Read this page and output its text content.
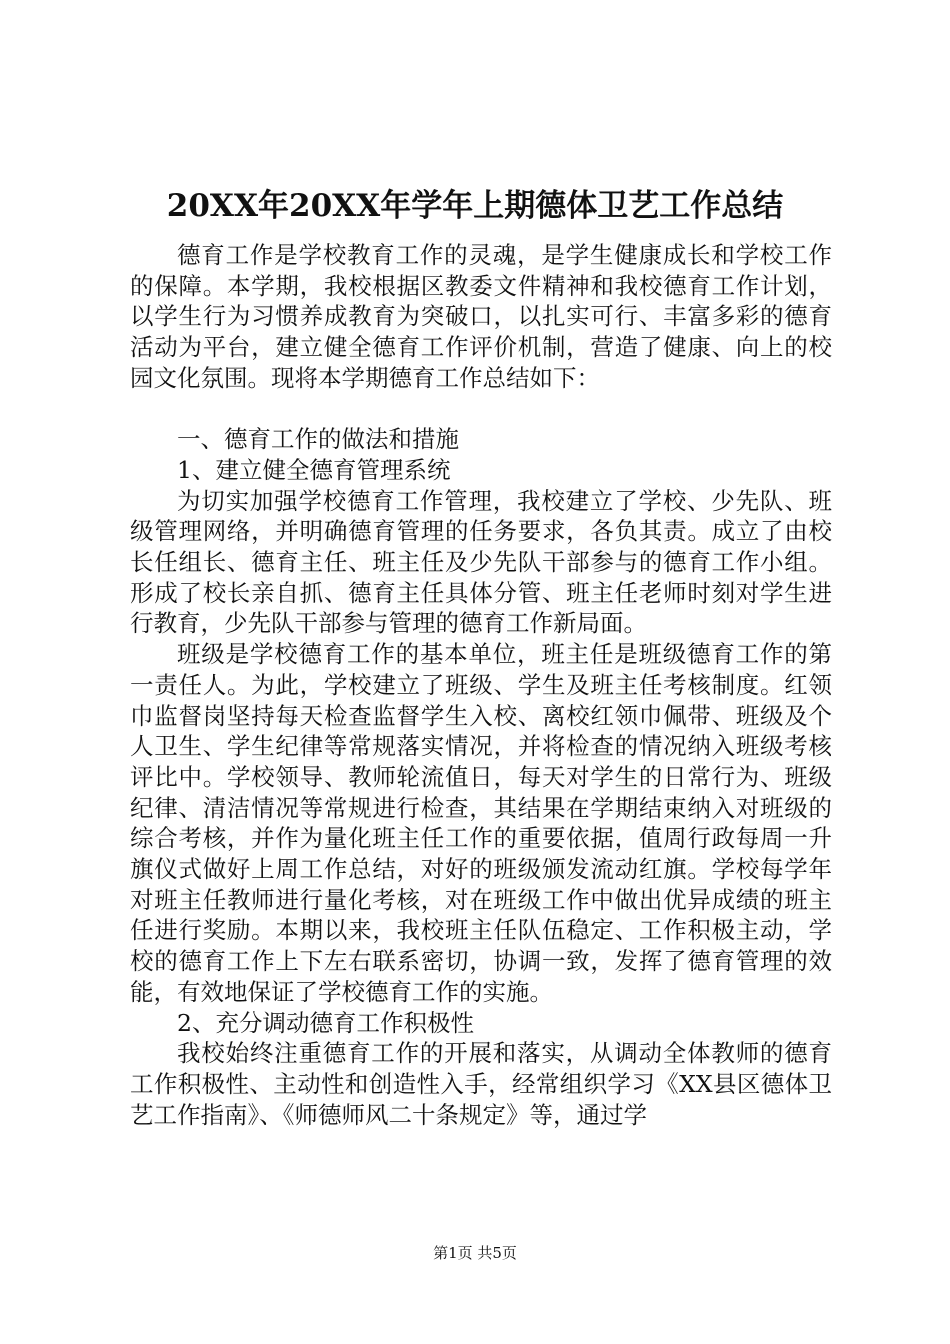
20XX年20XX年学年上期德体卫艺工作总结

德育工作是学校教育工作的灵魂，是学生健康成长和学校工作的保障。本学期，我校根据区教委文件精神和我校德育工作计划，以学生行为习惯养成教育为突破口，以扎实可行、丰富多彩的德育活动为平台，建立健全德育工作评价机制，营造了健康、向上的校园文化氛围。现将本学期德育工作总结如下：

一、德育工作的做法和措施

1、建立健全德育管理系统

为切实加强学校德育工作管理，我校建立了学校、少先队、班级管理网络，并明确德育管理的任务要求，各负其责。成立了由校长任组长、德育主任、班主任及少先队干部参与的德育工作小组。形成了校长亲自抓、德育主任具体分管、班主任老师时刻对学生进行教育，少先队干部参与管理的德育工作新局面。

班级是学校德育工作的基本单位，班主任是班级德育工作的第一责任人。为此，学校建立了班级、学生及班主任考核制度。红领巾监督岗坚持每天检查监督学生入校、离校红领巾佩带、班级及个人卫生、学生纪律等常规落实情况，并将检查的情况纳入班级考核评比中。学校领导、教师轮流值日，每天对学生的日常行为、班级纪律、清洁情况等常规进行检查，其结果在学期结束纳入对班级的综合考核，并作为量化班主任工作的重要依据，值周行政每周一升旗仪式做好上周工作总结，对好的班级颁发流动红旗。学校每学年对班主任教师进行量化考核，对在班级工作中做出优异成绩的班主任进行奖励。本期以来，我校班主任队伍稳定、工作积极主动，学校的德育工作上下左右联系密切，协调一致，发挥了德育管理的效能，有效地保证了学校德育工作的实施。

2、充分调动德育工作积极性

我校始终注重德育工作的开展和落实，从调动全体教师的德育工作积极性、主动性和创造性入手，经常组织学习《XX县区德体卫艺工作指南》、《师德师风二十条规定》等，通过学

第1页 共5页
